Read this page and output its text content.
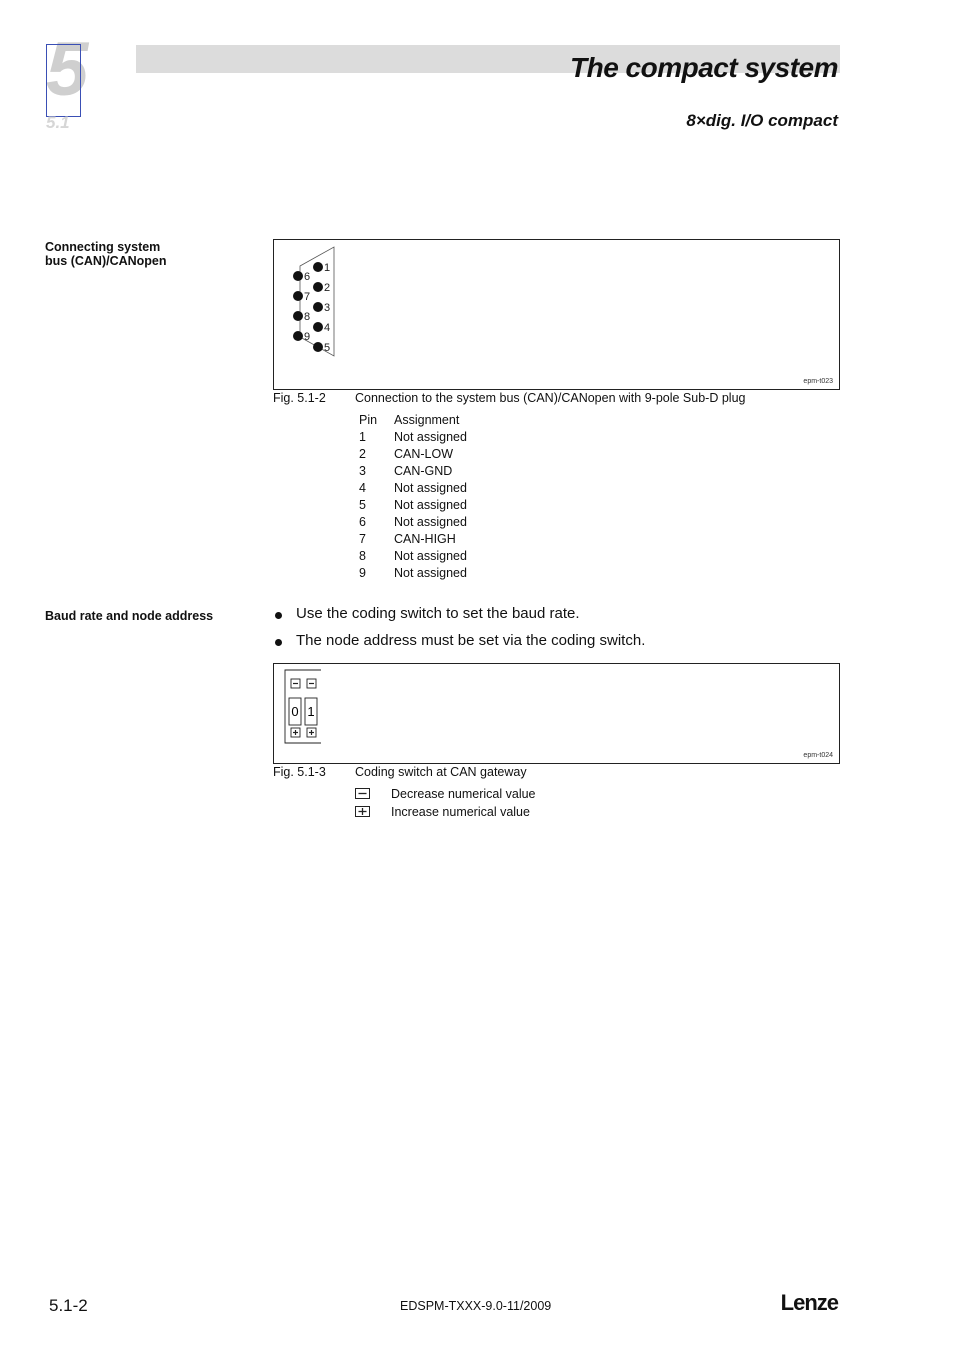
5
5.1
The compact system
8×dig. I/O compact
Connecting system
bus (CAN)/CANopen
6
7
8
9
1
2
3
4
5
epm-t023
Fig. 5.1-2 Connection to the system bus (CAN)/CANopen with 9-pole Sub-D plug
Pin	Assignment
1	Not assigned
2	CAN-LOW
3	CAN-GND
4	Not assigned
5	Not assigned
6	Not assigned
7	CAN-HIGH
8	Not assigned
9	Not assigned
Baud rate and node address	Use the coding switch to set the baud rate.
The node address must be set via the coding switch.
0 1
epm-t024
Fig. 5.1-3 Coding switch at CAN gateway
Decrease numerical value
Increase numerical value
5.1-2	EDSPM-TXXX-9.0-11/2009	Lenze
